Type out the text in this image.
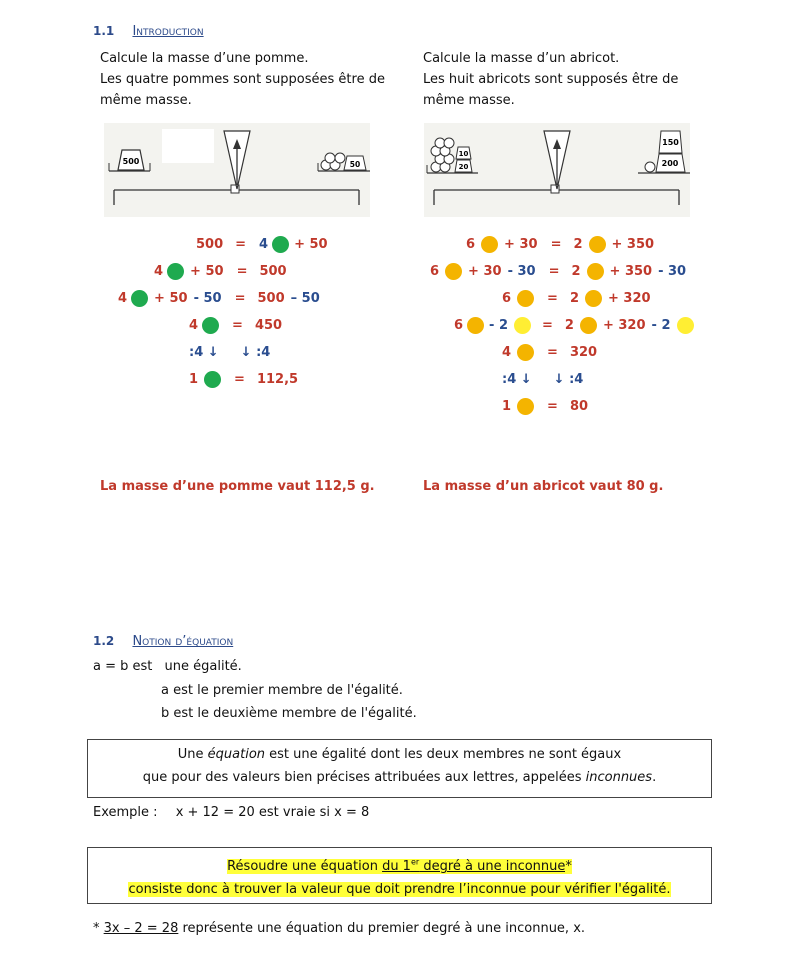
1.1 Introduction
Calcule la masse d’une pomme.
Les quatre pommes sont supposées être de
même masse.
Calcule la masse d’un abricot.
Les huit abricots sont supposés être de
même masse.
500	50	20
10
200
150
500 = 4 + 50
4 + 50 = 500
4 + 50 - 50 = 500 – 50
4	= 450
:4 ↓ ↓ :4
1	= 112,5
6 + 30 = 2 + 350
6 + 30 - 30 = 2 + 350 - 30
6	= 2 + 320
6 - 2	= 2 + 320 - 2
4	= 320
:4 ↓ ↓ :4
1	= 80
La masse d’une pomme vaut 112,5 g.	La masse d’un abricot vaut 80 g.
1.2 Notion d’équation
a = b est une égalité.
a est le premier membre de l'égalité.
b est le deuxième membre de l'égalité.
Une équation est une égalité dont les deux membres ne sont égaux
que pour des valeurs bien précises attribuées aux lettres, appelées inconnues.
Exemple : x + 12 = 20 est vraie si x = 8
Résoudre une équation du 1er degré à une inconnue*
consiste donc à trouver la valeur que doit prendre l’inconnue pour vérifier l'égalité.
* 3x – 2 = 28 représente une équation du premier degré à une inconnue, x.
